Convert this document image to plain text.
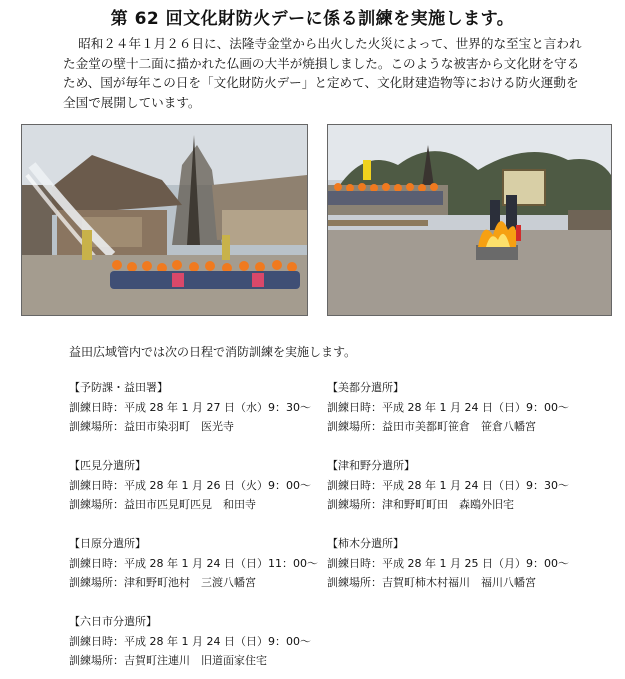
第 62 回文化財防火デーに係る訓練を実施します。

昭和２４年１月２６日に、法隆寺金堂から出火した火災によって、世界的な至宝と言われた金堂の壁十二面に描かれた仏画の大半が焼損しました。このような被害から文化財を守るため、国が毎年この日を「文化財防火デー」と定めて、文化財建造物等における防火運動を全国で展開しています。

益田広域管内では次の日程で消防訓練を実施します。
【予防課・益田署】
訓練日時：平成 28 年 1 月 27 日（水）9：30～
訓練場所：益田市染羽町　医光寺
【美都分遣所】
訓練日時：平成 28 年 1 月 24 日（日）9：00～
訓練場所：益田市美都町笹倉　笹倉八幡宮
【匹見分遣所】
訓練日時：平成 28 年 1 月 26 日（火）9：00～
訓練場所：益田市匹見町匹見　和田寺
【津和野分遣所】
訓練日時：平成 28 年 1 月 24 日（日）9：30～
訓練場所：津和野町町田　森鴎外旧宅
【日原分遣所】
訓練日時：平成 28 年 1 月 24 日（日）11：00～
訓練場所：津和野町池村　三渡八幡宮
【柿木分遣所】
訓練日時：平成 28 年 1 月 25 日（月）9：00～
訓練場所：吉賀町柿木村福川　福川八幡宮
【六日市分遣所】
訓練日時：平成 28 年 1 月 24 日（日）9：00～
訓練場所：吉賀町注連川　旧道面家住宅
